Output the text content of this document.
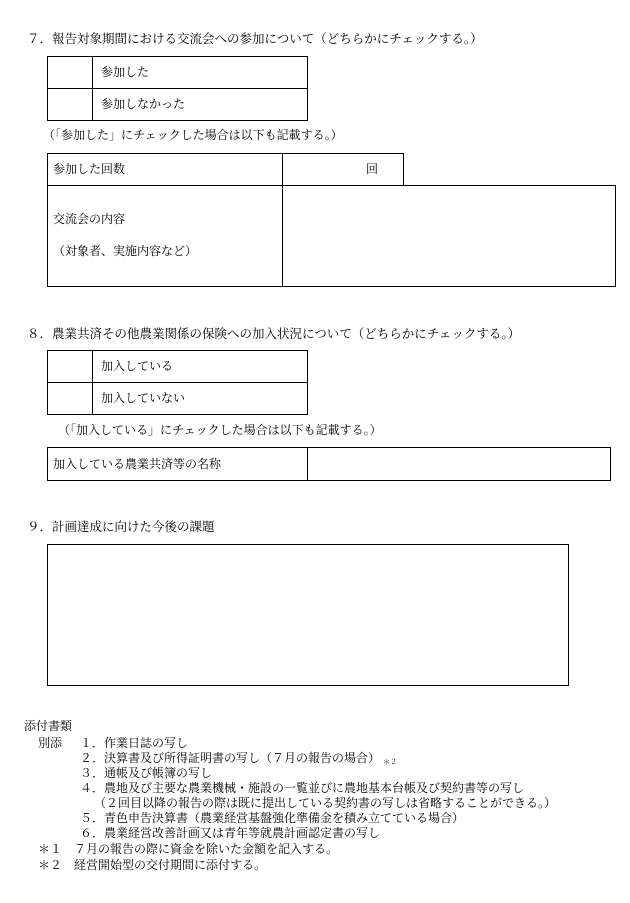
７．報告対象期間における交流会への参加について（どちらかにチェックする。）
参加した
参加しなかった
（「参加した」にチェックした場合は以下も記載する。）
参加した回数	回
交流会の内容
（対象者、実施内容など）
８．農業共済その他農業関係の保険への加入状況について（どちらかにチェックする。）
加入している
加入していない
（「加入している」にチェックした場合は以下も記載する。）
加入している農業共済等の名称
９．計画達成に向けた今後の課題
添付書類
別添 １．作業日誌の写し
２．決算書及び所得証明書の写し（７月の報告の場合） $^{*2}$
３．通帳及び帳簿の写し
４．農地及び主要な農業機械・施設の一覧並びに農地基本台帳及び契約書等の写し
（２回目以降の報告の際は既に提出している契約書の写しは省略することができる。）
５．青色申告決算書（農業経営基盤強化準備金を積み立てている場合）
６．農業経営改善計画又は青年等就農計画認定書の写し
＊１　７月の報告の際に資金を除いた金額を記入する。
＊２　経営開始型の交付期間に添付する。
